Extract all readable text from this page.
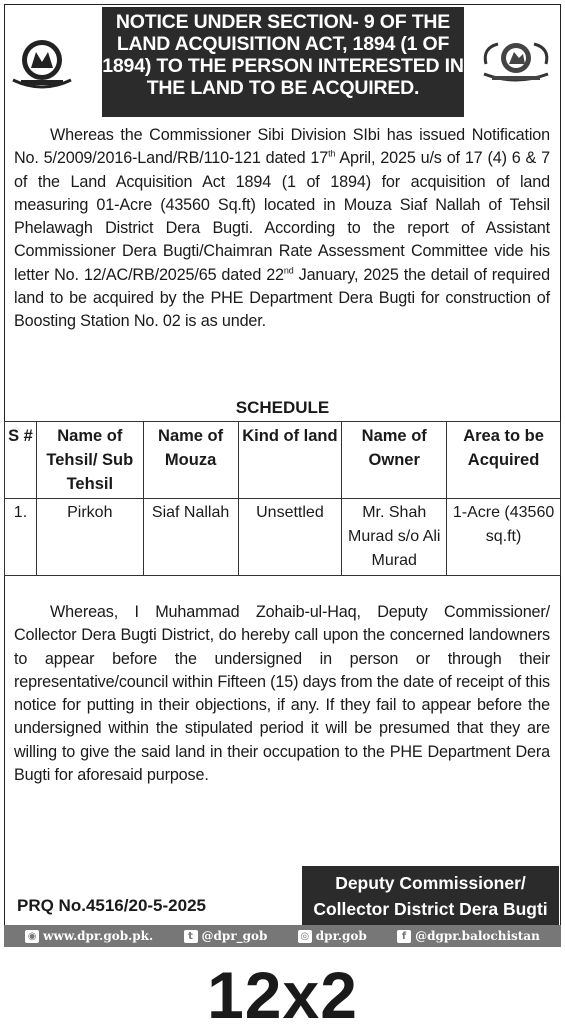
NOTICE UNDER SECTION- 9 OF THE
LAND ACQUISITION ACT, 1894 (1 OF
1894) TO THE PERSON INTERESTED IN
THE LAND TO BE ACQUIRED.
Whereas the Commissioner Sibi Division SIbi has issued Notification No. 5/2009/2016-Land/RB/110-121 dated 17th April, 2025 u/s of 17 (4) 6 & 7 of the Land Acquisition Act 1894 (1 of 1894) for acquisition of land measuring 01-Acre (43560 Sq.ft) located in Mouza Siaf Nallah of Tehsil Phelawagh District Dera Bugti. According to the report of Assistant Commissioner Dera Bugti/Chaimran Rate Assessment Committee vide his letter No. 12/AC/RB/2025/65 dated 22nd January, 2025 the detail of required land to be acquired by the PHE Department Dera Bugti for construction of Boosting Station No. 02 is as under.
SCHEDULE
S #	Name of Tehsil/ Sub Tehsil	Name of Mouza	Kind of land	Name of Owner	Area to be Acquired
1.	Pirkoh	Siaf Nallah	Unsettled	Mr. Shah Murad s/o Ali Murad	1-Acre (43560 sq.ft)
Whereas, I Muhammad Zohaib-ul-Haq, Deputy Commissioner/ Collector Dera Bugti District, do hereby call upon the concerned landowners to appear before the undersigned in person or through their representative/council within Fifteen (15) days from the date of receipt of this notice for putting in their objections, if any. If they fail to appear before the undersigned within the stipulated period it will be presumed that they are willing to give the said land in their occupation to the PHE Department Dera Bugti for aforesaid purpose.
PRQ No.4516/20-5-2025
Deputy Commissioner/
Collector District Dera Bugti
◉ www.dpr.gob.pk.	t @dpr_gob	◎ dpr.gob	f @dgpr.balochistan
12x2
